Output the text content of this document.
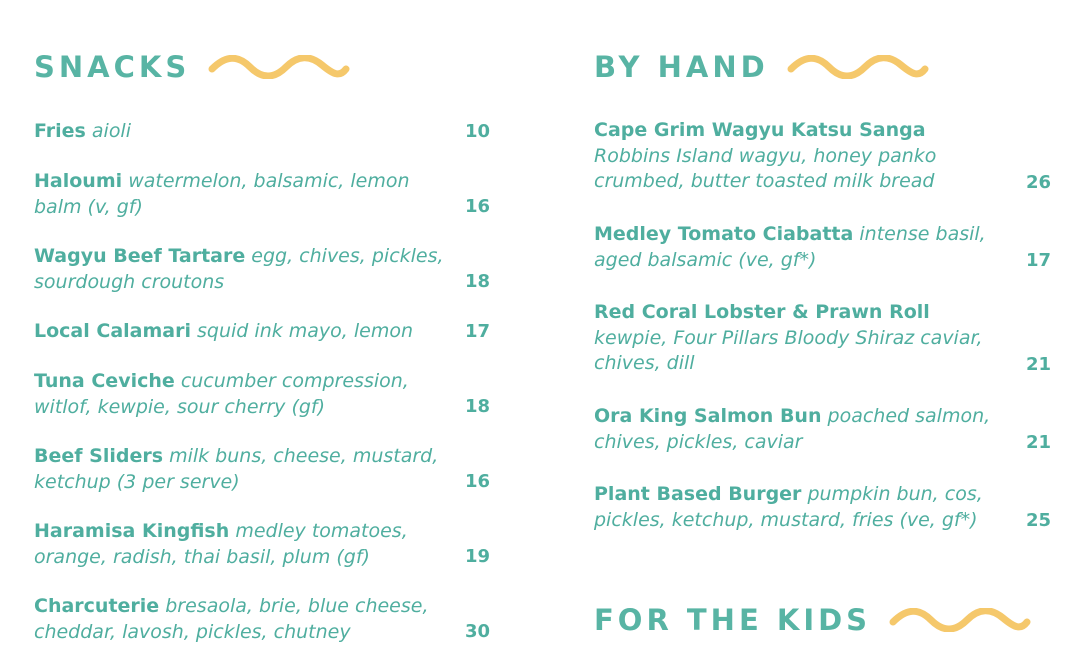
SNACKS
Fries aioli	10
Haloumi watermelon, balsamic, lemon balm (v, gf)	16
Wagyu Beef Tartare egg, chives, pickles, sourdough croutons	18
Local Calamari squid ink mayo, lemon	17
Tuna Ceviche cucumber compression, witlof, kewpie, sour cherry (gf)	18
Beef Sliders milk buns, cheese, mustard, ketchup (3 per serve)	16
Haramisa Kingfish medley tomatoes, orange, radish, thai basil, plum (gf)	19
Charcuterie bresaola, brie, blue cheese, cheddar, lavosh, pickles, chutney	30
BY HAND
Cape Grim Wagyu Katsu Sanga
Robbins Island wagyu, honey panko crumbed, butter toasted milk bread	26
Medley Tomato Ciabatta intense basil, aged balsamic (ve, gf*)	17
Red Coral Lobster & Prawn Roll kewpie, Four Pillars Bloody Shiraz caviar, chives, dill	21
Ora King Salmon Bun poached salmon, chives, pickles, caviar	21
Plant Based Burger pumpkin bun, cos, pickles, ketchup, mustard, fries (ve, gf*)	25
FOR THE KIDS
